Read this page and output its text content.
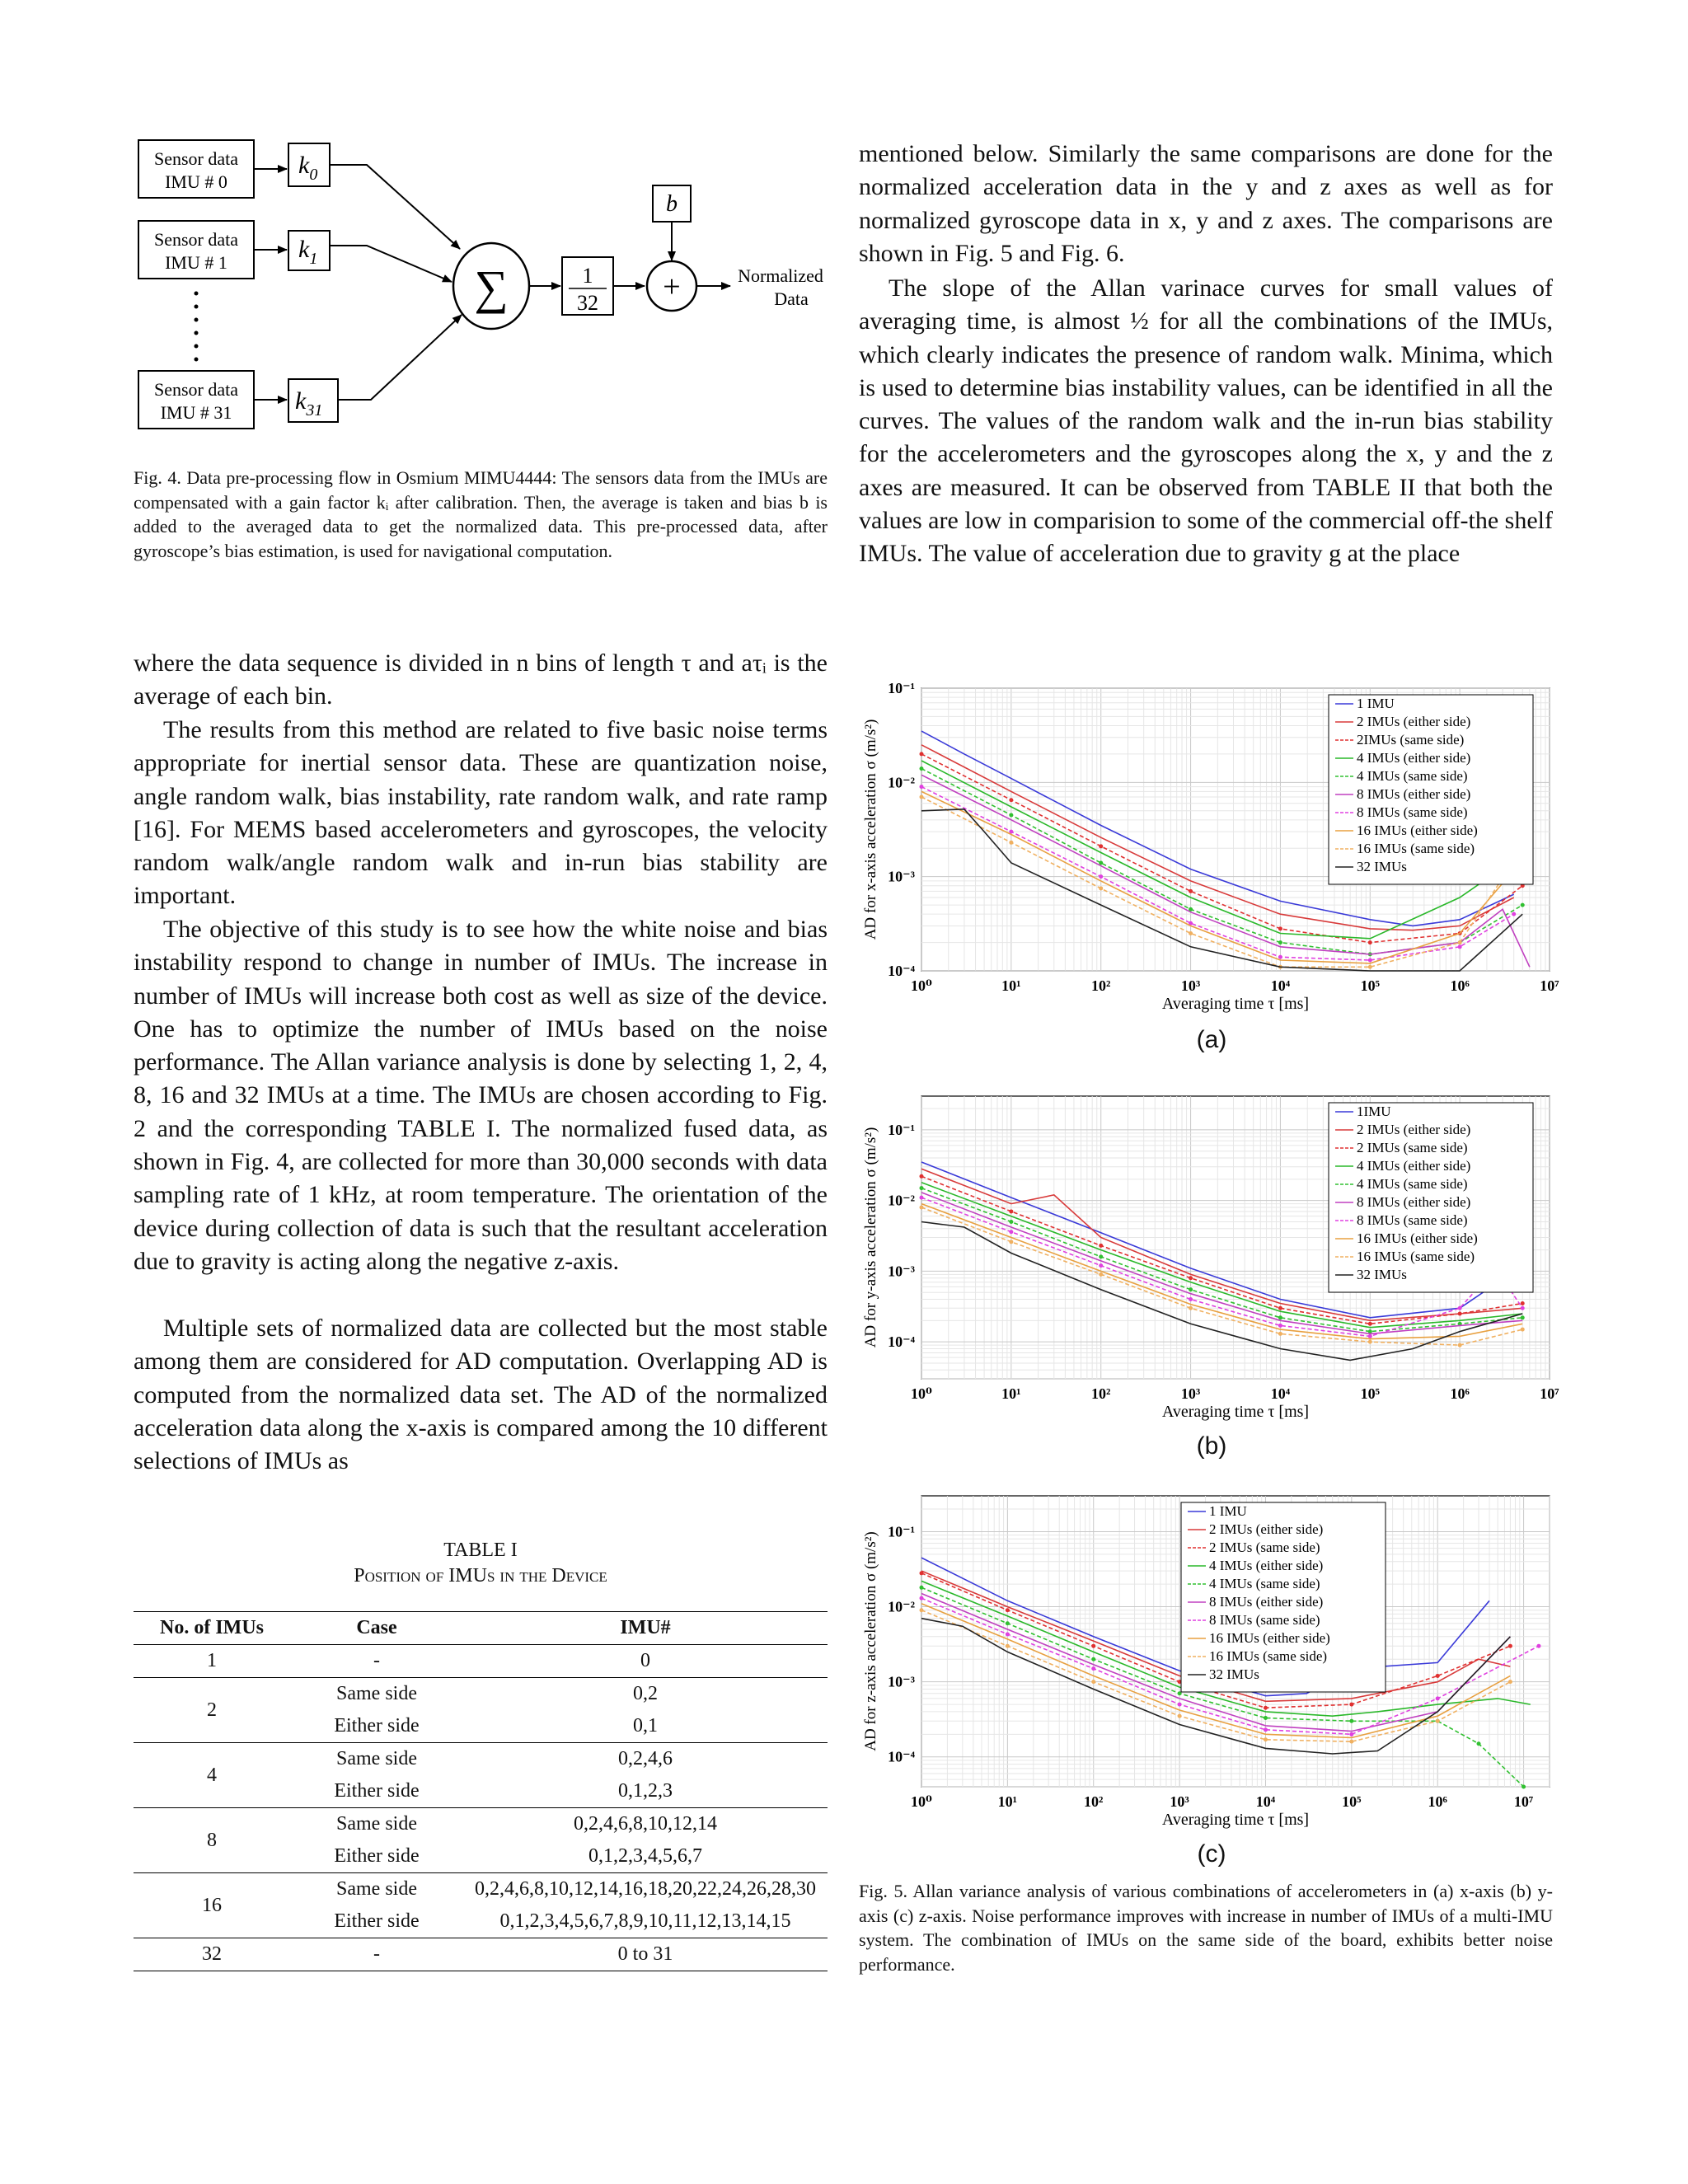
Sensor data
IMU # 0
$k_0$
Sensor data
IMU # 1	$k_1$
Sensor data
IMU # 31	$k_{31}$
∑	1
32
b
+	Normalized
Data

Fig. 4. Data pre-processing flow in Osmium MIMU4444: The sensors data from the IMUs are compensated with a gain factor kᵢ after calibration. Then, the average is taken and bias b is added to the averaged data to get the normalized data. This pre-processed data, after gyroscope’s bias estimation, is used for navigational computation.

where the data sequence is divided in n bins of length τ and aτᵢ is the average of each bin.

The results from this method are related to five basic noise terms appropriate for inertial sensor data. These are quantization noise, angle random walk, bias instability, rate random walk, and rate ramp [16]. For MEMS based accelerometers and gyroscopes, the velocity random walk/angle random walk and in-run bias stability are important.

The objective of this study is to see how the white noise and bias instability respond to change in number of IMUs. The increase in number of IMUs will increase both cost as well as size of the device. One has to optimize the number of IMUs based on the noise performance. The Allan variance analysis is done by selecting 1, 2, 4, 8, 16 and 32 IMUs at a time. The IMUs are chosen according to Fig. 2 and the corresponding TABLE I. The normalized fused data, as shown in Fig. 4, are collected for more than 30,000 seconds with data sampling rate of 1 kHz, at room temperature. The orientation of the device during collection of data is such that the resultant acceleration due to gravity is acting along the negative z-axis.

Multiple sets of normalized data are collected but the most stable among them are considered for AD computation. Overlapping AD is computed from the normalized data set. The AD of the normalized acceleration data along the x-axis is compared among the 10 different selections of IMUs as

mentioned below. Similarly the same comparisons are done for the normalized acceleration data in the y and z axes as well as for normalized gyroscope data in x, y and z axes. The comparisons are shown in Fig. 5 and Fig. 6.

The slope of the Allan varinace curves for small values of averaging time, is almost ½ for all the combinations of the IMUs, which clearly indicates the presence of random walk. Minima, which is used to determine bias instability values, can be identified in all the curves. The values of the random walk and the in-run bias stability for the accelerometers and the gyroscopes along the x, y and the z axes are measured. It can be observed from TABLE II that both the values are low in comparision to some of the commercial off-the shelf IMUs. The value of acceleration due to gravity g at the place

10⁰	10¹	10²	10³	10⁴	10⁵	10⁶	10⁷
10⁻⁴
10⁻³
10⁻²
10⁻¹
Averaging time τ [ms]
AD for x-axis acceleration σ (m/s²)
1 IMU
2 IMUs (either side)
2IMUs (same side)
4 IMUs (either side)
4 IMUs (same side)
8 IMUs (either side)
8 IMUs (same side)
16 IMUs (either side)
16 IMUs (same side)
32 IMUs
(a)
10⁰	10¹	10²	10³	10⁴	10⁵	10⁶	10⁷
10⁻⁴
10⁻³
10⁻²
10⁻¹
Averaging time τ [ms]
AD for y-axis acceleration σ (m/s²)
1IMU
2 IMUs (either side)
2 IMUs (same side)
4 IMUs (either side)
4 IMUs (same side)
8 IMUs (either side)
8 IMUs (same side)
16 IMUs (either side)
16 IMUs (same side)
32 IMUs
(b)
10⁰	10¹	10²	10³	10⁴	10⁵	10⁶	10⁷
10⁻⁴
10⁻³
10⁻²
10⁻¹
Averaging time τ [ms]
AD for z-axis acceleration σ (m/s²)
1 IMU
2 IMUs (either side)
2 IMUs (same side)
4 IMUs (either side)
4 IMUs (same side)
8 IMUs (either side)
8 IMUs (same side)
16 IMUs (either side)
16 IMUs (same side)
32 IMUs
(c)

Fig. 5. Allan variance analysis of various combinations of accelerometers in (a) x-axis (b) y-axis (c) z-axis. Noise performance improves with increase in number of IMUs of a multi-IMU system. The combination of IMUs on the same side of the board, exhibits better noise performance.

TABLE I
Position of IMUs in the Device
No. of IMUs	Case	IMU#
1	-	0
2	Same side	0,2
	Either side	0,1
4	Same side	0,2,4,6
	Either side	0,1,2,3
8	Same side	0,2,4,6,8,10,12,14
	Either side	0,1,2,3,4,5,6,7
16	Same side	0,2,4,6,8,10,12,14,16,18,20,22,24,26,28,30
	Either side	0,1,2,3,4,5,6,7,8,9,10,11,12,13,14,15
32	-	0 to 31
